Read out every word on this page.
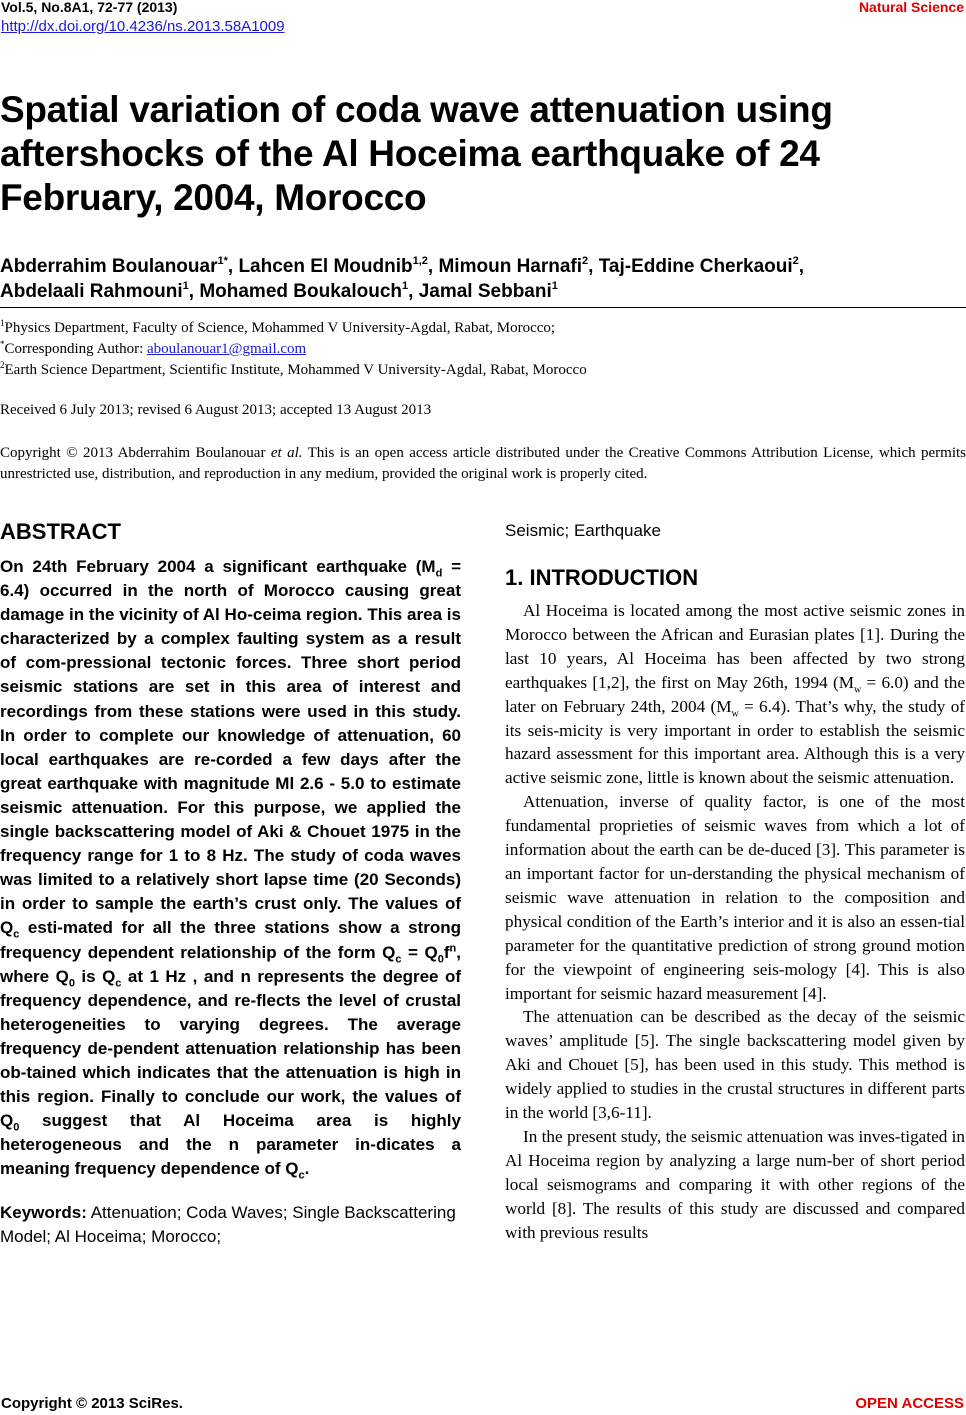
Vol.5, No.8A1, 72-77 (2013)
http://dx.doi.org/10.4236/ns.2013.58A1009
Natural Science
Spatial variation of coda wave attenuation using aftershocks of the Al Hoceima earthquake of 24 February, 2004, Morocco
Abderrahim Boulanouar$^{1*}$, Lahcen El Moudnib$^{1,2}$, Mimoun Harnafi$^2$, Taj-Eddine Cherkaoui$^2$,
Abdelaali Rahmouni$^1$, Mohamed Boukalouch$^1$, Jamal Sebbani$^1$
$^1$Physics Department, Faculty of Science, Mohammed V University-Agdal, Rabat, Morocco;
*Corresponding Author: aboulanouar1@gmail.com
$^2$Earth Science Department, Scientific Institute, Mohammed V University-Agdal, Rabat, Morocco
Received 6 July 2013; revised 6 August 2013; accepted 13 August 2013
Copyright © 2013 Abderrahim Boulanouar et al. This is an open access article distributed under the Creative Commons Attribution License, which permits unrestricted use, distribution, and reproduction in any medium, provided the original work is properly cited.
ABSTRACT

On 24th February 2004 a significant earthquake $(M_d = 6.4)$ occurred in the north of Morocco causing great damage in the vicinity of Al Ho-ceima region. This area is characterized by a complex faulting system as a result of com-pressional tectonic forces. Three short period seismic stations are set in this area of interest and recordings from these stations were used in this study. In order to complete our knowledge of attenuation, 60 local earthquakes are re-corded a few days after the great earthquake with magnitude Ml 2.6 - 5.0 to estimate seismic attenuation. For this purpose, we applied the single backscattering model of Aki & Chouet 1975 in the frequency range for 1 to 8 Hz. The study of coda waves was limited to a relatively short lapse time (20 Seconds) in order to sample the earth’s crust only. The values of $Q_c$ esti-mated for all the three stations show a strong frequency dependent relationship of the form $Q_c = Q_0f^n$, where $Q_0$ is $Q_c$ at 1 Hz , and n represents the degree of frequency dependence, and re-flects the level of crustal heterogeneities to varying degrees. The average frequency de-pendent attenuation relationship has been ob-tained which indicates that the attenuation is high in this region. Finally to conclude our work, the values of $Q_0$ suggest that Al Hoceima area is highly heterogeneous and the n parameter in-dicates a meaning frequency dependence of $Q_c$.

Keywords: Attenuation; Coda Waves; Single Backscattering Model; Al Hoceima; Morocco;
Seismic; Earthquake
1. INTRODUCTION

Al Hoceima is located among the most active seismic zones in Morocco between the African and Eurasian plates [1]. During the last 10 years, Al Hoceima has been affected by two strong earthquakes [1,2], the first on May 26th, 1994 $(M_w = 6.0)$ and the later on February 24th, 2004 $(M_w = 6.4)$. That’s why, the study of its seis-micity is very important in order to establish the seismic hazard assessment for this important area. Although this is a very active seismic zone, little is known about the seismic attenuation.

Attenuation, inverse of quality factor, is one of the most fundamental proprieties of seismic waves from which a lot of information about the earth can be de-duced [3]. This parameter is an important factor for un-derstanding the physical mechanism of seismic wave attenuation in relation to the composition and physical condition of the Earth’s interior and it is also an essen-tial parameter for the quantitative prediction of strong ground motion for the viewpoint of engineering seis-mology [4]. This is also important for seismic hazard measurement [4].

The attenuation can be described as the decay of the seismic waves’ amplitude [5]. The single backscattering model given by Aki and Chouet [5], has been used in this study. This method is widely applied to studies in the crustal structures in different parts in the world [3,6-11].

In the present study, the seismic attenuation was inves-tigated in Al Hoceima region by analyzing a large num-ber of short period local seismograms and comparing it with other regions of the world [8]. The results of this study are discussed and compared with previous results

Copyright © 2013 SciRes.	OPEN ACCESS
